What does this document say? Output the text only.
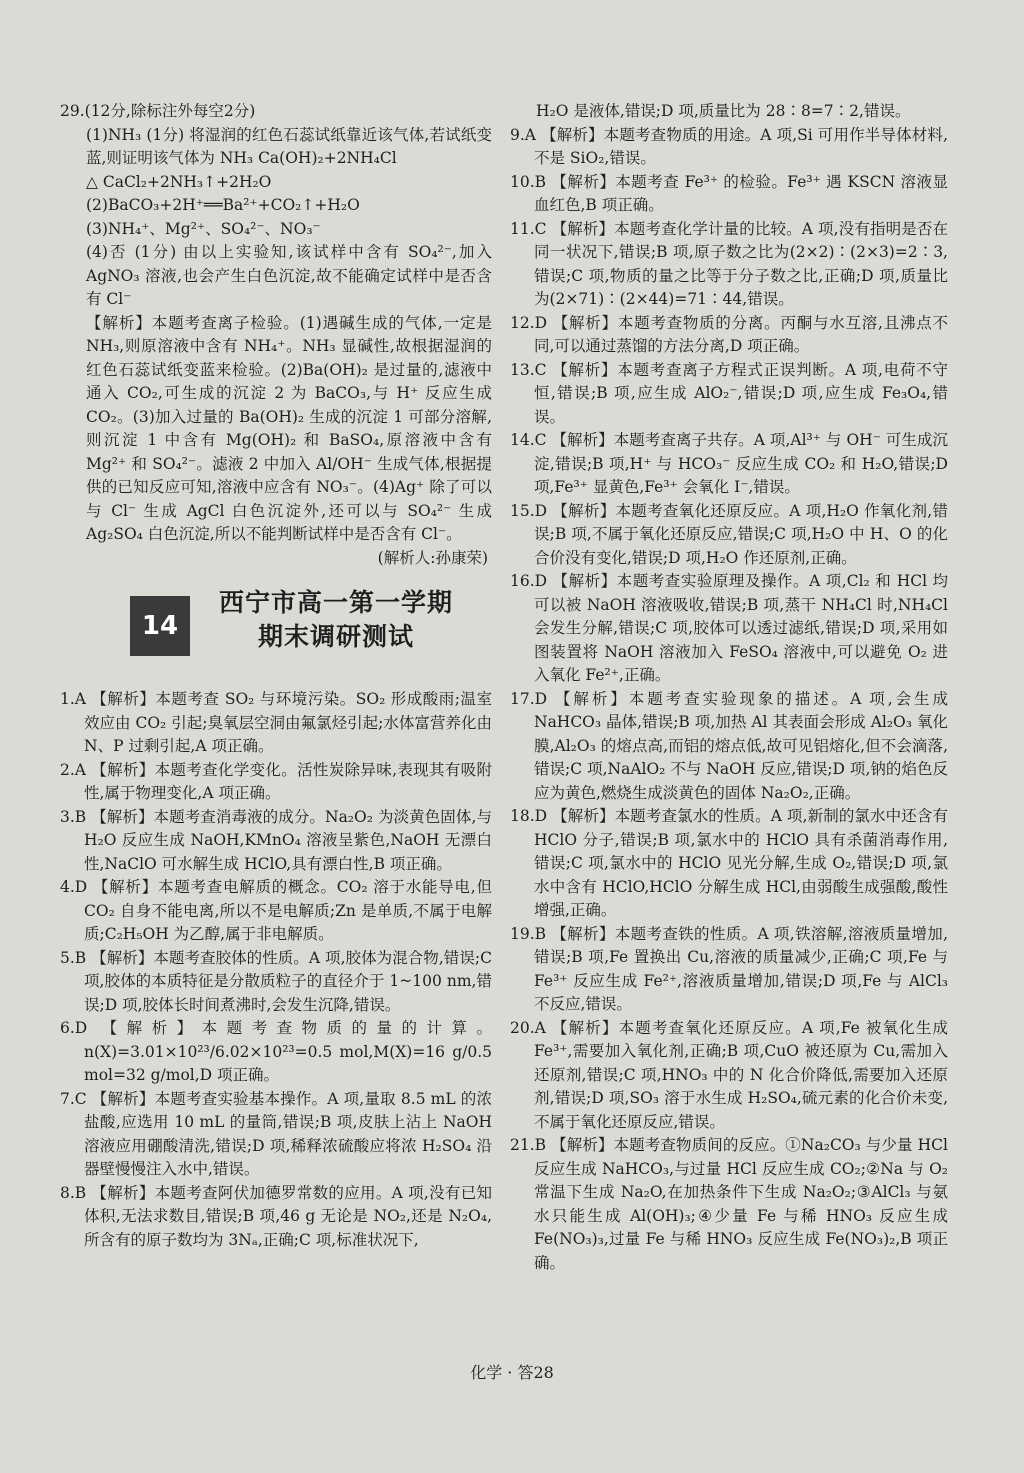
29.(12分,除标注外每空2分)

(1)NH₃ (1分) 将湿润的红色石蕊试纸靠近该气体,若试纸变蓝,则证明该气体为 NH₃ Ca(OH)₂+2NH₄Cl

△ CaCl₂+2NH₃↑+2H₂O

(2)BaCO₃+2H⁺══Ba²⁺+CO₂↑+H₂O

(3)NH₄⁺、Mg²⁺、SO₄²⁻、NO₃⁻

(4)否 (1分) 由以上实验知,该试样中含有 SO₄²⁻,加入 AgNO₃ 溶液,也会产生白色沉淀,故不能确定试样中是否含有 Cl⁻

【解析】本题考查离子检验。(1)遇碱生成的气体,一定是 NH₃,则原溶液中含有 NH₄⁺。NH₃ 显碱性,故根据湿润的红色石蕊试纸变蓝来检验。(2)Ba(OH)₂ 是过量的,滤液中通入 CO₂,可生成的沉淀 2 为 BaCO₃,与 H⁺ 反应生成 CO₂。(3)加入过量的 Ba(OH)₂ 生成的沉淀 1 可部分溶解,则沉淀 1 中含有 Mg(OH)₂ 和 BaSO₄,原溶液中含有 Mg²⁺ 和 SO₄²⁻。滤液 2 中加入 Al/OH⁻ 生成气体,根据提供的已知反应可知,溶液中应含有 NO₃⁻。(4)Ag⁺ 除了可以与 Cl⁻ 生成 AgCl 白色沉淀外,还可以与 SO₄²⁻ 生成 Ag₂SO₄ 白色沉淀,所以不能判断试样中是否含有 Cl⁻。

(解析人:孙康荣)

14
西宁市高一第一学期
期末调研测试

1.A 【解析】本题考查 SO₂ 与环境污染。SO₂ 形成酸雨;温室效应由 CO₂ 引起;臭氧层空洞由氟氯烃引起;水体富营养化由 N、P 过剩引起,A 项正确。

2.A 【解析】本题考查化学变化。活性炭除异味,表现其有吸附性,属于物理变化,A 项正确。

3.B 【解析】本题考查消毒液的成分。Na₂O₂ 为淡黄色固体,与 H₂O 反应生成 NaOH,KMnO₄ 溶液呈紫色,NaOH 无漂白性,NaClO 可水解生成 HClO,具有漂白性,B 项正确。

4.D 【解析】本题考查电解质的概念。CO₂ 溶于水能导电,但 CO₂ 自身不能电离,所以不是电解质;Zn 是单质,不属于电解质;C₂H₅OH 为乙醇,属于非电解质。

5.B 【解析】本题考查胶体的性质。A 项,胶体为混合物,错误;C 项,胶体的本质特征是分散质粒子的直径介于 1~100 nm,错误;D 项,胶体长时间煮沸时,会发生沉降,错误。

6.D 【解析】本题考查物质的量的计算。n(X)=3.01×10²³/6.02×10²³=0.5 mol,M(X)=16 g/0.5 mol=32 g/mol,D 项正确。

7.C 【解析】本题考查实验基本操作。A 项,量取 8.5 mL 的浓盐酸,应选用 10 mL 的量筒,错误;B 项,皮肤上沾上 NaOH 溶液应用硼酸清洗,错误;D 项,稀释浓硫酸应将浓 H₂SO₄ 沿器壁慢慢注入水中,错误。

8.B 【解析】本题考查阿伏加德罗常数的应用。A 项,没有已知体积,无法求数目,错误;B 项,46 g 无论是 NO₂,还是 N₂O₄,所含有的原子数均为 3Nₐ,正确;C 项,标准状况下,

H₂O 是液体,错误;D 项,质量比为 28∶8=7∶2,错误。

9.A 【解析】本题考查物质的用途。A 项,Si 可用作半导体材料,不是 SiO₂,错误。

10.B 【解析】本题考查 Fe³⁺ 的检验。Fe³⁺ 遇 KSCN 溶液显血红色,B 项正确。

11.C 【解析】本题考查化学计量的比较。A 项,没有指明是否在同一状况下,错误;B 项,原子数之比为(2×2)∶(2×3)=2∶3,错误;C 项,物质的量之比等于分子数之比,正确;D 项,质量比为(2×71)∶(2×44)=71∶44,错误。

12.D 【解析】本题考查物质的分离。丙酮与水互溶,且沸点不同,可以通过蒸馏的方法分离,D 项正确。

13.C 【解析】本题考查离子方程式正误判断。A 项,电荷不守恒,错误;B 项,应生成 AlO₂⁻,错误;D 项,应生成 Fe₃O₄,错误。

14.C 【解析】本题考查离子共存。A 项,Al³⁺ 与 OH⁻ 可生成沉淀,错误;B 项,H⁺ 与 HCO₃⁻ 反应生成 CO₂ 和 H₂O,错误;D 项,Fe³⁺ 显黄色,Fe³⁺ 会氧化 I⁻,错误。

15.D 【解析】本题考查氧化还原反应。A 项,H₂O 作氧化剂,错误;B 项,不属于氧化还原反应,错误;C 项,H₂O 中 H、O 的化合价没有变化,错误;D 项,H₂O 作还原剂,正确。

16.D 【解析】本题考查实验原理及操作。A 项,Cl₂ 和 HCl 均可以被 NaOH 溶液吸收,错误;B 项,蒸干 NH₄Cl 时,NH₄Cl 会发生分解,错误;C 项,胶体可以透过滤纸,错误;D 项,采用如图装置将 NaOH 溶液加入 FeSO₄ 溶液中,可以避免 O₂ 进入氧化 Fe²⁺,正确。

17.D 【解析】本题考查实验现象的描述。A 项,会生成 NaHCO₃ 晶体,错误;B 项,加热 Al 其表面会形成 Al₂O₃ 氧化膜,Al₂O₃ 的熔点高,而铝的熔点低,故可见铝熔化,但不会滴落,错误;C 项,NaAlO₂ 不与 NaOH 反应,错误;D 项,钠的焰色反应为黄色,燃烧生成淡黄色的固体 Na₂O₂,正确。

18.D 【解析】本题考查氯水的性质。A 项,新制的氯水中还含有 HClO 分子,错误;B 项,氯水中的 HClO 具有杀菌消毒作用,错误;C 项,氯水中的 HClO 见光分解,生成 O₂,错误;D 项,氯水中含有 HClO,HClO 分解生成 HCl,由弱酸生成强酸,酸性增强,正确。

19.B 【解析】本题考查铁的性质。A 项,铁溶解,溶液质量增加,错误;B 项,Fe 置换出 Cu,溶液的质量减少,正确;C 项,Fe 与 Fe³⁺ 反应生成 Fe²⁺,溶液质量增加,错误;D 项,Fe 与 AlCl₃ 不反应,错误。

20.A 【解析】本题考查氧化还原反应。A 项,Fe 被氧化生成 Fe³⁺,需要加入氧化剂,正确;B 项,CuO 被还原为 Cu,需加入还原剂,错误;C 项,HNO₃ 中的 N 化合价降低,需要加入还原剂,错误;D 项,SO₃ 溶于水生成 H₂SO₄,硫元素的化合价未变,不属于氧化还原反应,错误。

21.B 【解析】本题考查物质间的反应。①Na₂CO₃ 与少量 HCl 反应生成 NaHCO₃,与过量 HCl 反应生成 CO₂;②Na 与 O₂ 常温下生成 Na₂O,在加热条件下生成 Na₂O₂;③AlCl₃ 与氨水只能生成 Al(OH)₃;④少量 Fe 与稀 HNO₃ 反应生成 Fe(NO₃)₃,过量 Fe 与稀 HNO₃ 反应生成 Fe(NO₃)₂,B 项正确。

化学 · 答28
